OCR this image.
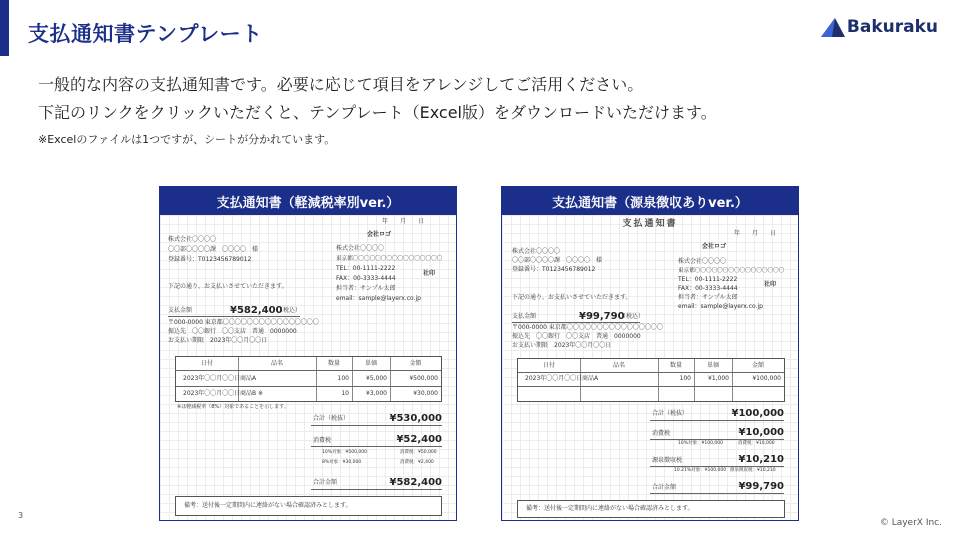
支払通知書テンプレート	Bakuraku
一般的な内容の支払通知書です。必要に応じて項目をアレンジしてご活用ください。
下記のリンクをクリックいただくと、テンプレート（Excel版）をダウンロードいただけます。
※Excelのファイルは1つですが、シートが分かれています。
支払通知書（軽減税率別ver.）
年　　月　　日
会社ロゴ
株式会社〇〇〇〇
〇〇部〇〇〇〇課　〇〇〇〇　様
登録番号：T0123456789012
株式会社〇〇〇〇
東京都〇〇〇〇〇〇〇〇〇〇〇〇〇〇〇〇
TEL：00-1111-2222
FAX：00-3333-4444
社印
担当者：サンプル太郎
email：sample@layerx.co.jp
下記の通り、お支払いさせていただきます。
支払金額	¥582,400
（税込）
〒000-0000 東京都〇〇〇〇〇〇〇〇〇〇〇〇〇〇〇〇
振込先　〇〇銀行　〇〇支店　普通　0000000
お支払い期限　2023年〇〇月〇〇日
日付	品名	数量	単価	金額
2023年〇〇月〇〇日 商品A	100	¥5,000	¥500,000
2023年〇〇月〇〇日 商品B ※	10	¥3,000	¥30,000
※は軽減税率（8%）対象であることを示します。
合計（税抜）	¥530,000
消費税	¥52,400
10%対象：¥500,000	消費税：¥50,000
8%対象：¥30,000	消費税：¥2,400
合計金額	¥582,400
備考：送付後一定期間内に連絡がない場合確認済みとします。
支払通知書（源泉徴収ありver.）
支払通知書
年　　月　　日
会社ロゴ
株式会社〇〇〇〇
〇〇部〇〇〇〇課　〇〇〇〇　様
登録番号：T0123456789012
株式会社〇〇〇〇
東京都〇〇〇〇〇〇〇〇〇〇〇〇〇〇〇〇
TEL：00-1111-2222
FAX：00-3333-4444
社印
担当者：サンプル太郎
email：sample@layerx.co.jp
下記の通り、お支払いさせていただきます。
支払金額	¥99,790
（税込）
〒000-0000 東京都〇〇〇〇〇〇〇〇〇〇〇〇〇〇〇〇
振込先　〇〇銀行　〇〇支店　普通　0000000
お支払い期限　2023年〇〇月〇〇日
日付	品名	数量	単価	金額
2023年〇〇月〇〇日 商品A	100	¥1,000	¥100,000
合計（税抜）	¥100,000
消費税	¥10,000
10%対象：¥100,000	消費税：¥10,000
源泉徴収税	¥10,210
10.21%対象：¥100,000 源泉徴収税：¥10,210
合計金額	¥99,790
備考：送付後一定期間内に連絡がない場合確認済みとします。
3
© LayerX Inc.
